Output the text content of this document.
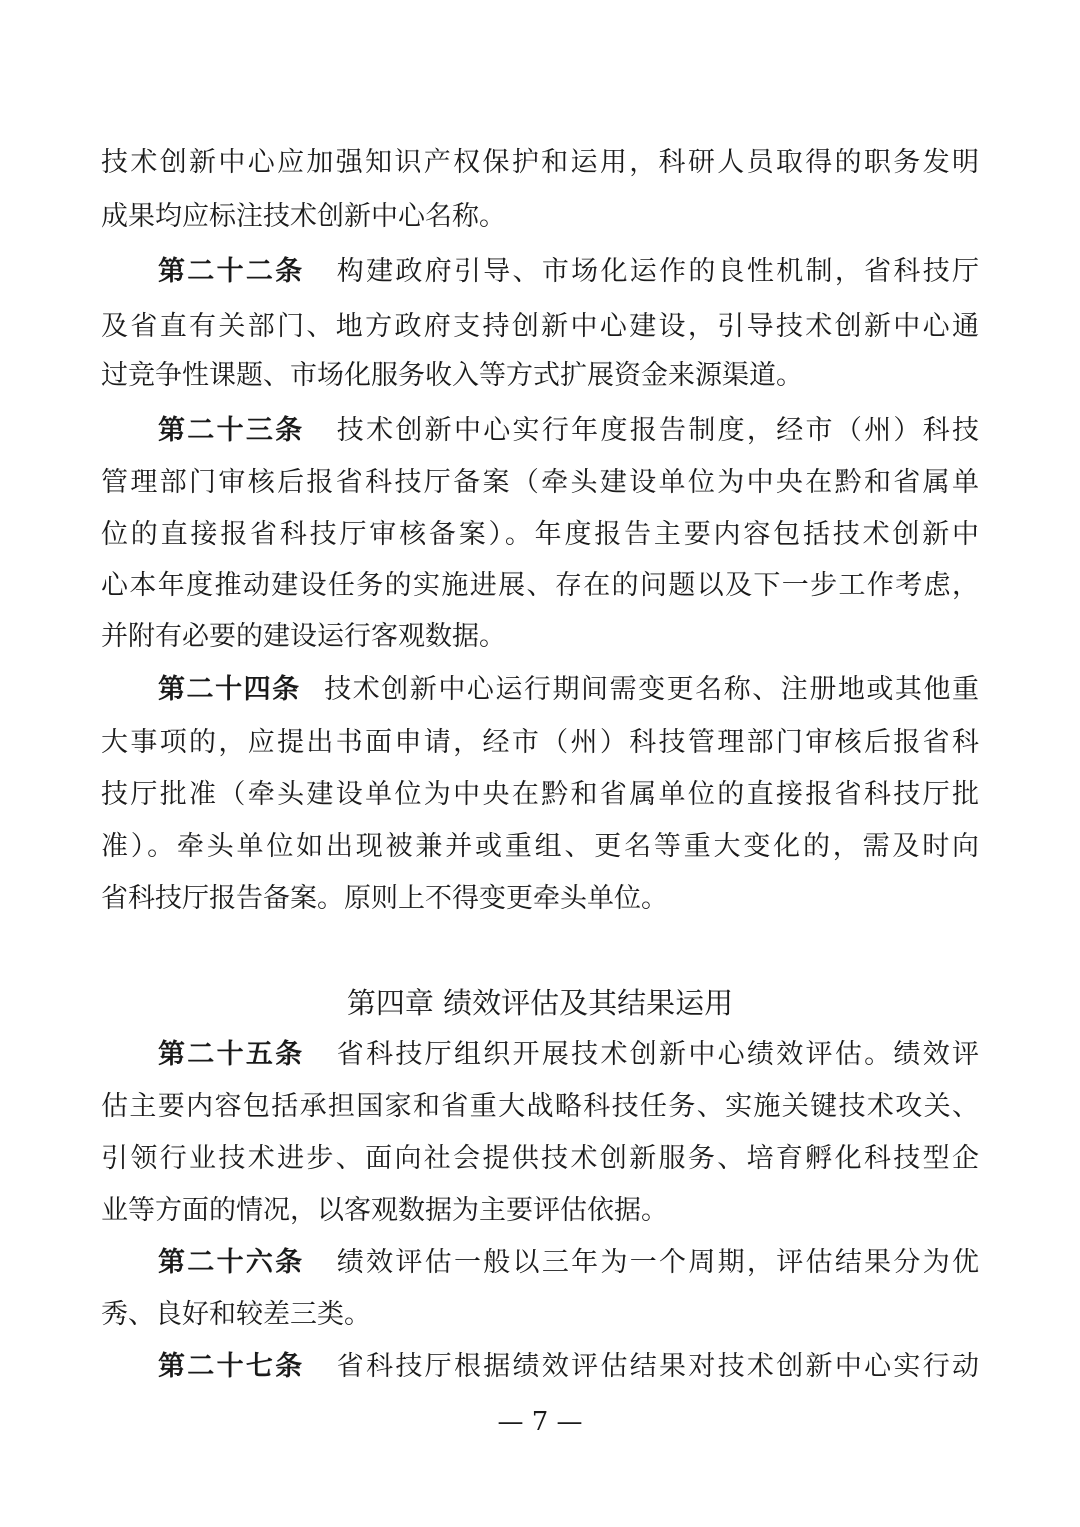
技术创新中心应加强知识产权保护和运用，科研人员取得的职务发明
成果均应标注技术创新中心名称。
第二十二条 构建政府引导、市场化运作的良性机制，省科技厅
及省直有关部门、地方政府支持创新中心建设，引导技术创新中心通
过竞争性课题、市场化服务收入等方式扩展资金来源渠道。
第二十三条 技术创新中心实行年度报告制度，经市（州）科技
管理部门审核后报省科技厅备案（牵头建设单位为中央在黔和省属单
位的直接报省科技厅审核备案）。年度报告主要内容包括技术创新中
心本年度推动建设任务的实施进展、存在的问题以及下一步工作考虑，
并附有必要的建设运行客观数据。
第二十四条 技术创新中心运行期间需变更名称、注册地或其他重
大事项的，应提出书面申请，经市（州）科技管理部门审核后报省科
技厅批准（牵头建设单位为中央在黔和省属单位的直接报省科技厅批
准）。牵头单位如出现被兼并或重组、更名等重大变化的，需及时向
省科技厅报告备案。原则上不得变更牵头单位。
第四章 绩效评估及其结果运用
第二十五条 省科技厅组织开展技术创新中心绩效评估。绩效评
估主要内容包括承担国家和省重大战略科技任务、实施关键技术攻关、
引领行业技术进步、面向社会提供技术创新服务、培育孵化科技型企
业等方面的情况，以客观数据为主要评估依据。
第二十六条 绩效评估一般以三年为一个周期，评估结果分为优
秀、良好和较差三类。
第二十七条 省科技厅根据绩效评估结果对技术创新中心实行动
— 7 —
